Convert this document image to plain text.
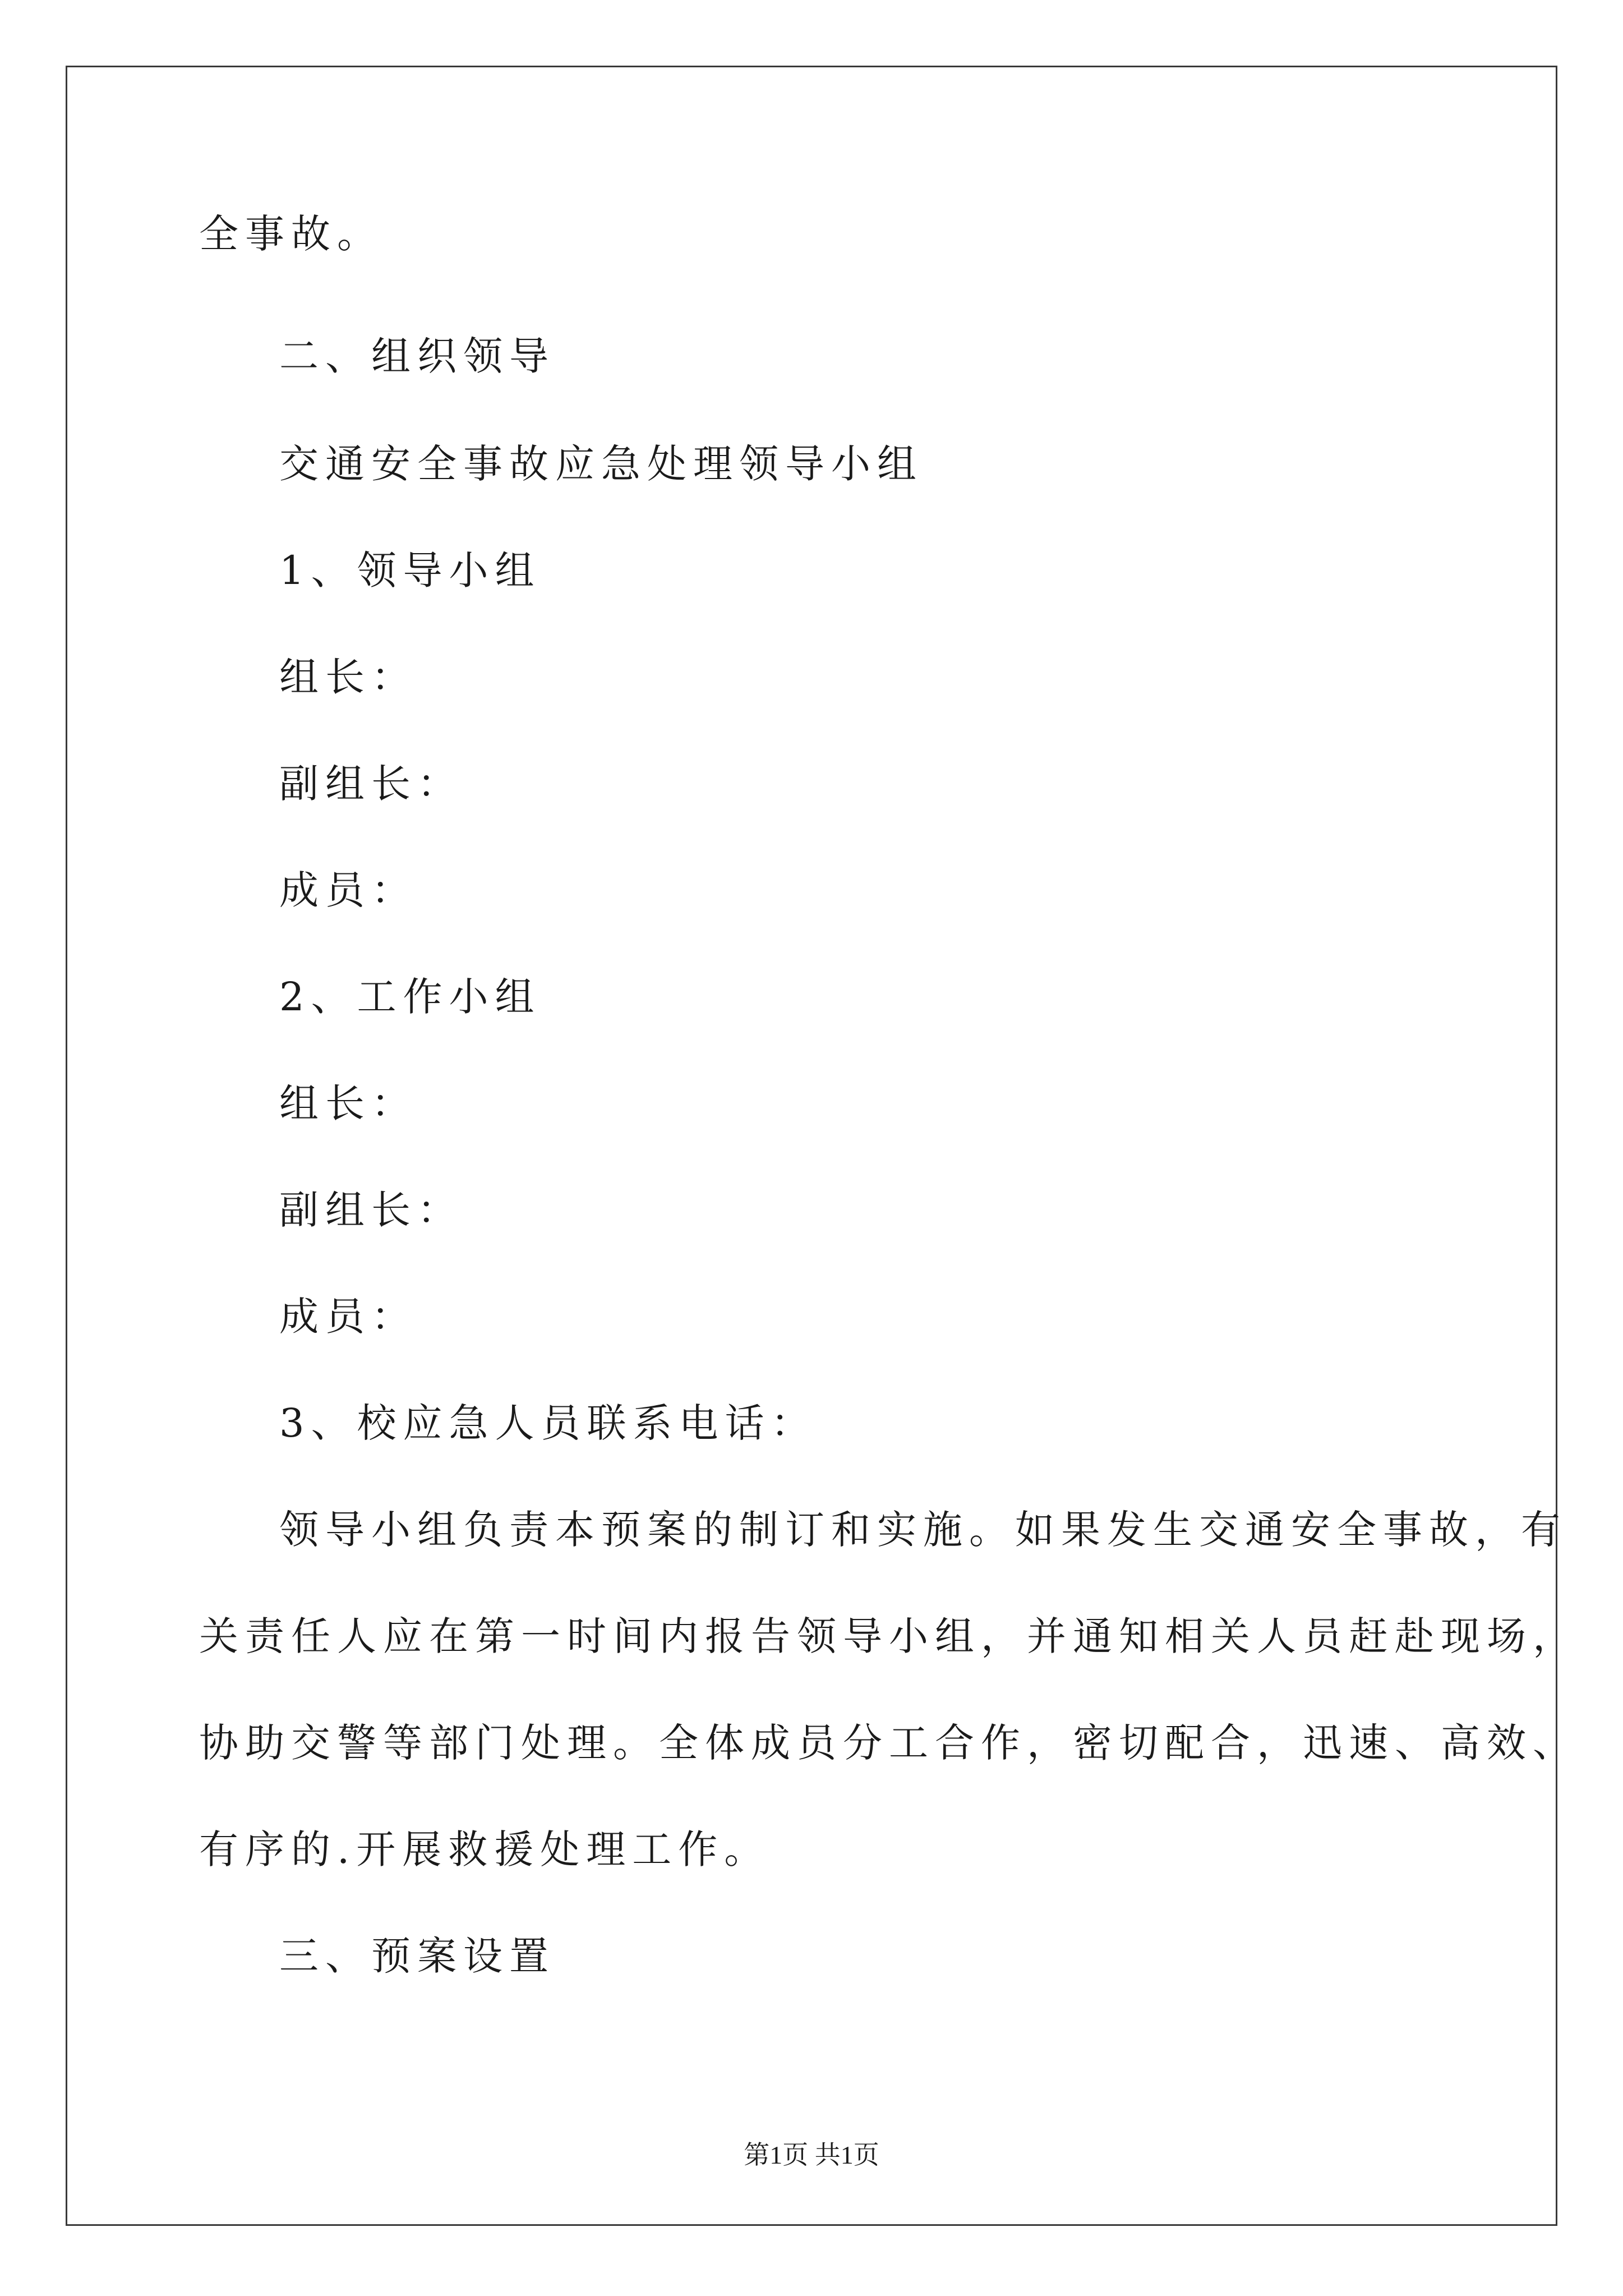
全事故。
二、组织领导
交通安全事故应急处理领导小组
1、领导小组
组长：
副组长：
成员：
2、工作小组
组长：
副组长：
成员：
3、校应急人员联系电话：
领导小组负责本预案的制订和实施。如果发生交通安全事故，有
关责任人应在第一时间内报告领导小组，并通知相关人员赶赴现场，
协助交警等部门处理。全体成员分工合作，密切配合，迅速、高效、
有序的.开展救援处理工作。
三、预案设置
第1页 共1页
